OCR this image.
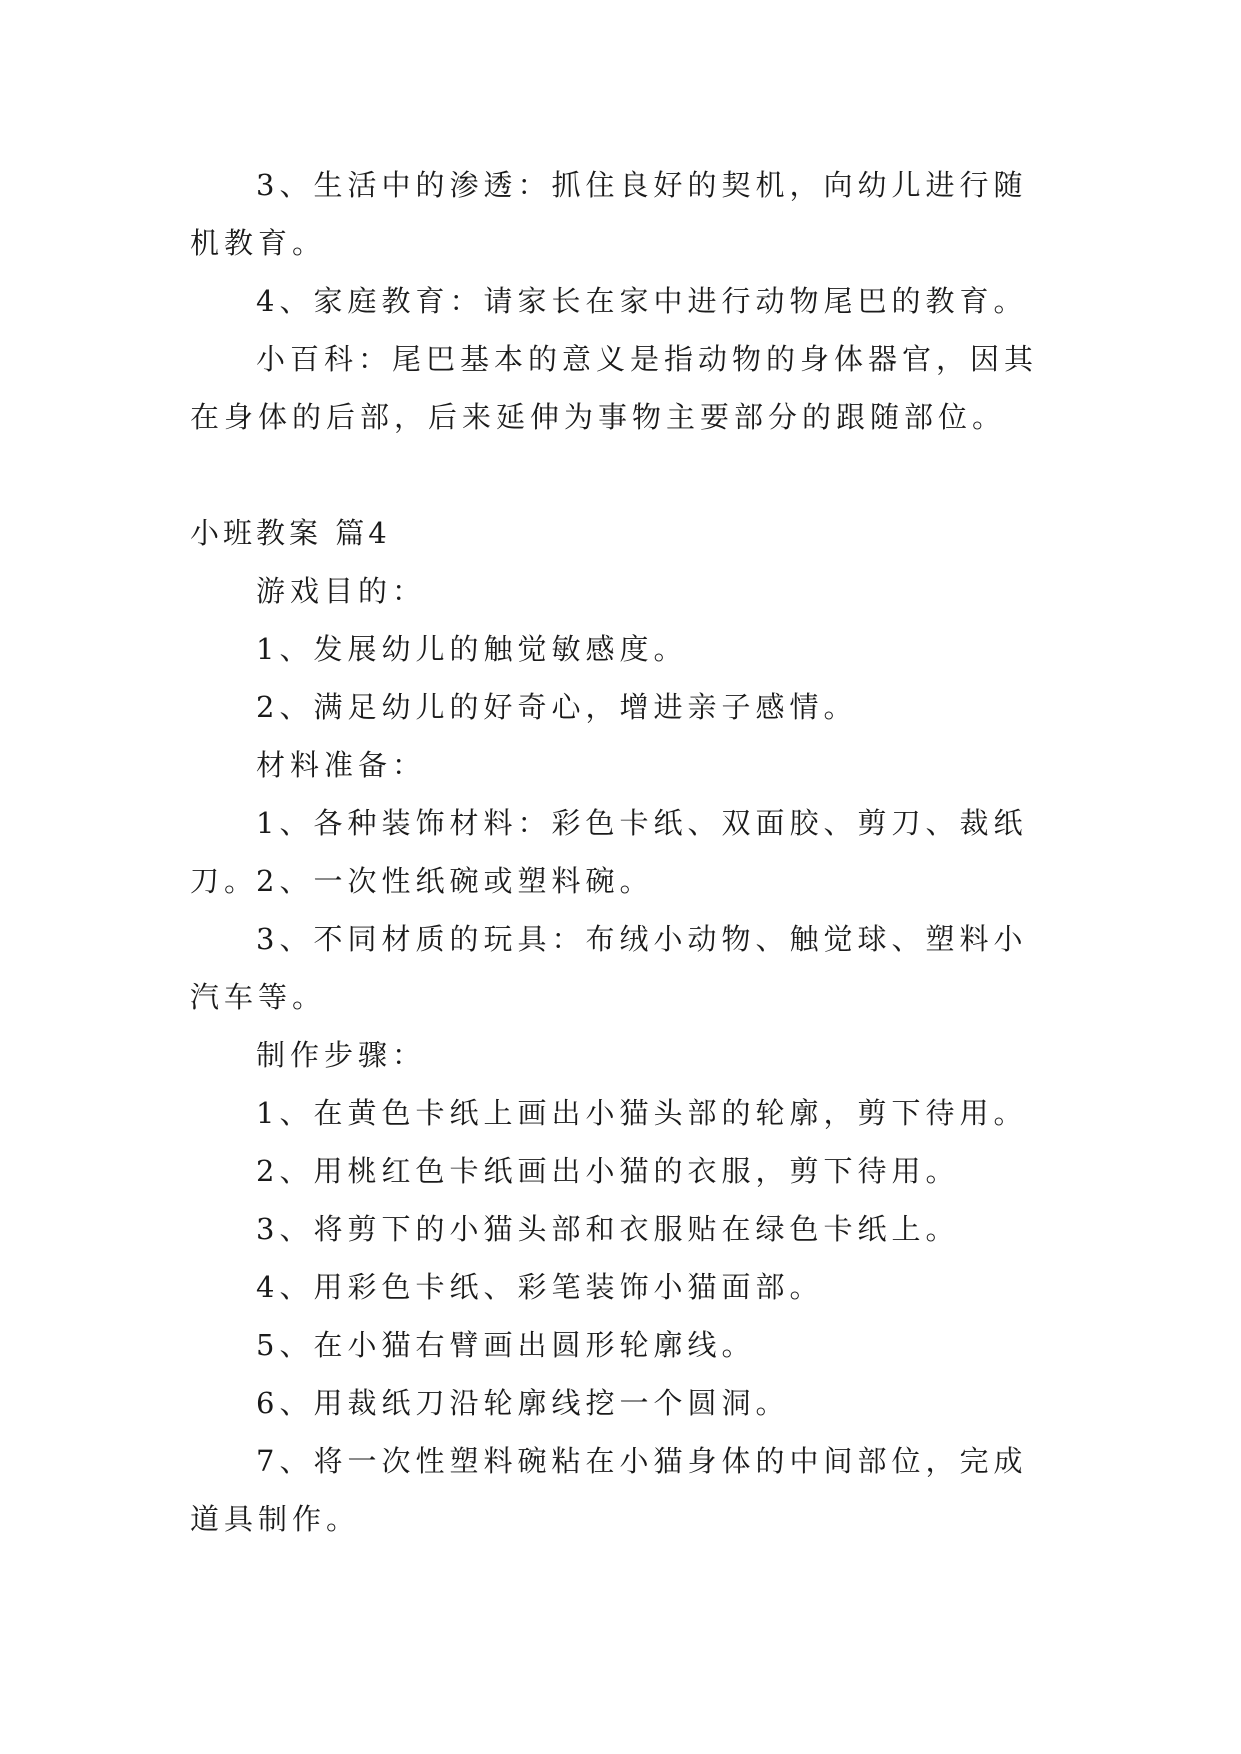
3、生活中的渗透：抓住良好的契机，向幼儿进行随机教育。

4、家庭教育：请家长在家中进行动物尾巴的教育。

小百科：尾巴基本的意义是指动物的身体器官，因其在身体的后部，后来延伸为事物主要部分的跟随部位。

小班教案 篇4

游戏目的：

1、发展幼儿的触觉敏感度。

2、满足幼儿的好奇心，增进亲子感情。

材料准备：

1、各种装饰材料：彩色卡纸、双面胶、剪刀、裁纸刀。

2、一次性纸碗或塑料碗。

3、不同材质的玩具：布绒小动物、触觉球、塑料小汽车等。

制作步骤：

1、在黄色卡纸上画出小猫头部的轮廓，剪下待用。

2、用桃红色卡纸画出小猫的衣服，剪下待用。

3、将剪下的小猫头部和衣服贴在绿色卡纸上。

4、用彩色卡纸、彩笔装饰小猫面部。

5、在小猫右臂画出圆形轮廓线。

6、用裁纸刀沿轮廓线挖一个圆洞。

7、将一次性塑料碗粘在小猫身体的中间部位，完成道具制作。
